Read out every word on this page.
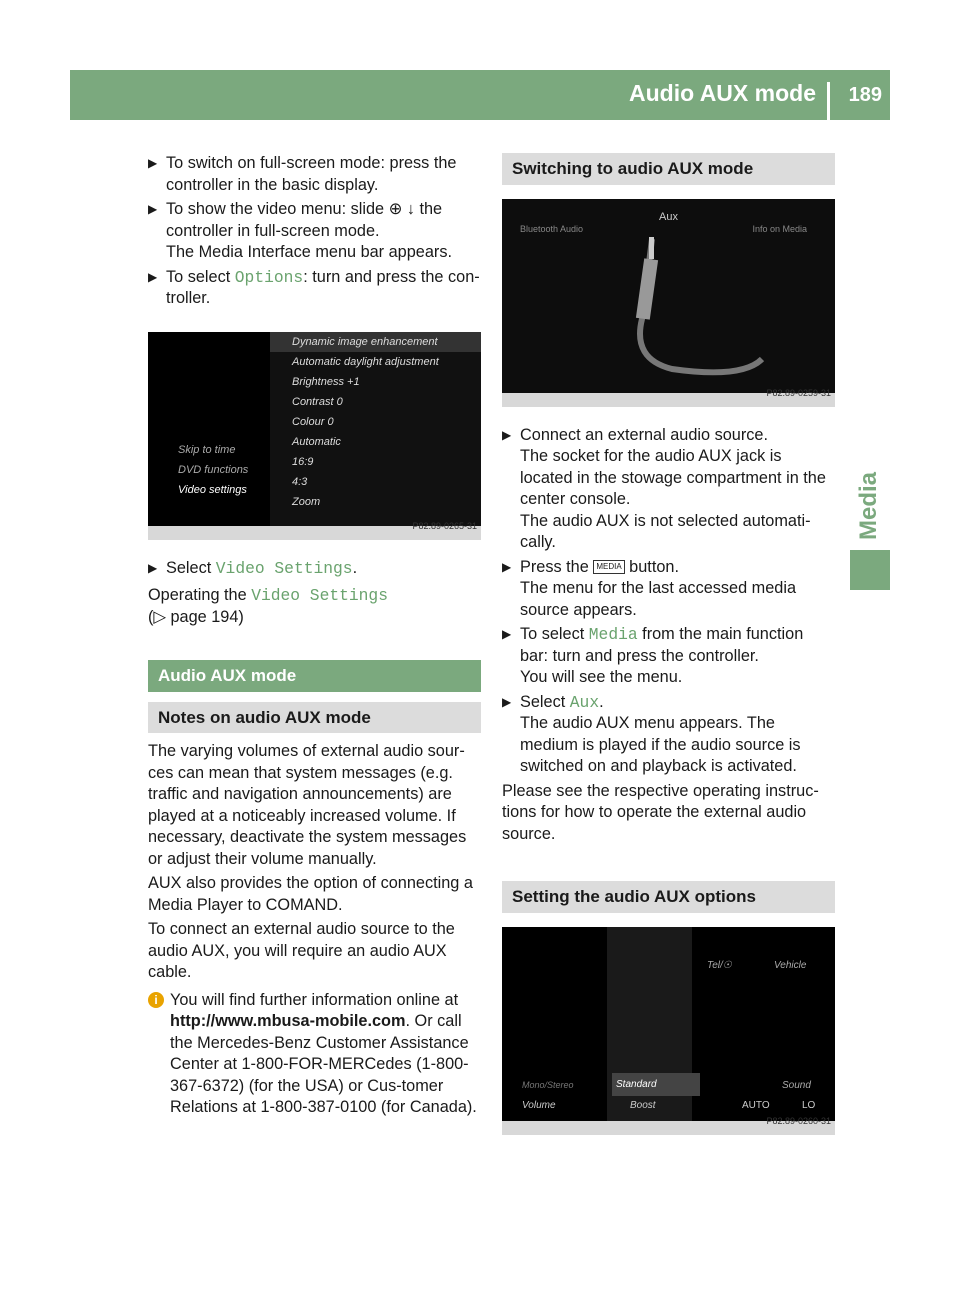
Audio AUX mode 189
Media
▶ To switch on full-screen mode: press the controller in the basic display.
▶ To show the video menu: slide ⊕ ↓ the controller in full-screen mode.
The Media Interface menu bar appears.
▶ To select Options: turn and press the con-troller.
Skip to time
DVD functions
Video settings
Dynamic image enhancement
Automatic daylight adjustment
Brightness +1
Contrast 0
Colour 0
Automatic
16:9
4:3
Zoom
P82.89-0265-31
▶ Select Video Settings.

Operating the Video Settings
(▷ page 194)

Audio AUX mode
Notes on audio AUX mode

The varying volumes of external audio sour-ces can mean that system messages (e.g. traffic and navigation announcements) are played at a noticeably increased volume. If necessary, deactivate the system messages or adjust their volume manually.

AUX also provides the option of connecting a Media Player to COMAND.

To connect an external audio source to the audio AUX, you will require an audio AUX cable.

i You will find further information online at http://www.mbusa-mobile.com. Or call the Mercedes-Benz Customer Assistance Center at 1-800-FOR-MERCedes (1-800-367-6372) (for the USA) or Cus-tomer Relations at 1-800-387-0100 (for Canada).
Switching to audio AUX mode
Aux
Bluetooth Audio	Info on Media
P82.89-0259-31
▶ Connect an external audio source.
The socket for the audio AUX jack is located in the stowage compartment in the center console.
The audio AUX is not selected automati-cally.
▶ Press the MEDIA button.
The menu for the last accessed media source appears.
▶ To select Media from the main function bar: turn and press the controller.
You will see the menu.
▶ Select Aux.
The audio AUX menu appears. The medium is played if the audio source is switched on and playback is activated.

Please see the respective operating instruc-tions for how to operate the external audio source.

Setting the audio AUX options
Tel/☉	Vehicle
Mono/Stereo	Standard	Sound
Volume	Boost	AUTO	LO
P82.89-0260-31
